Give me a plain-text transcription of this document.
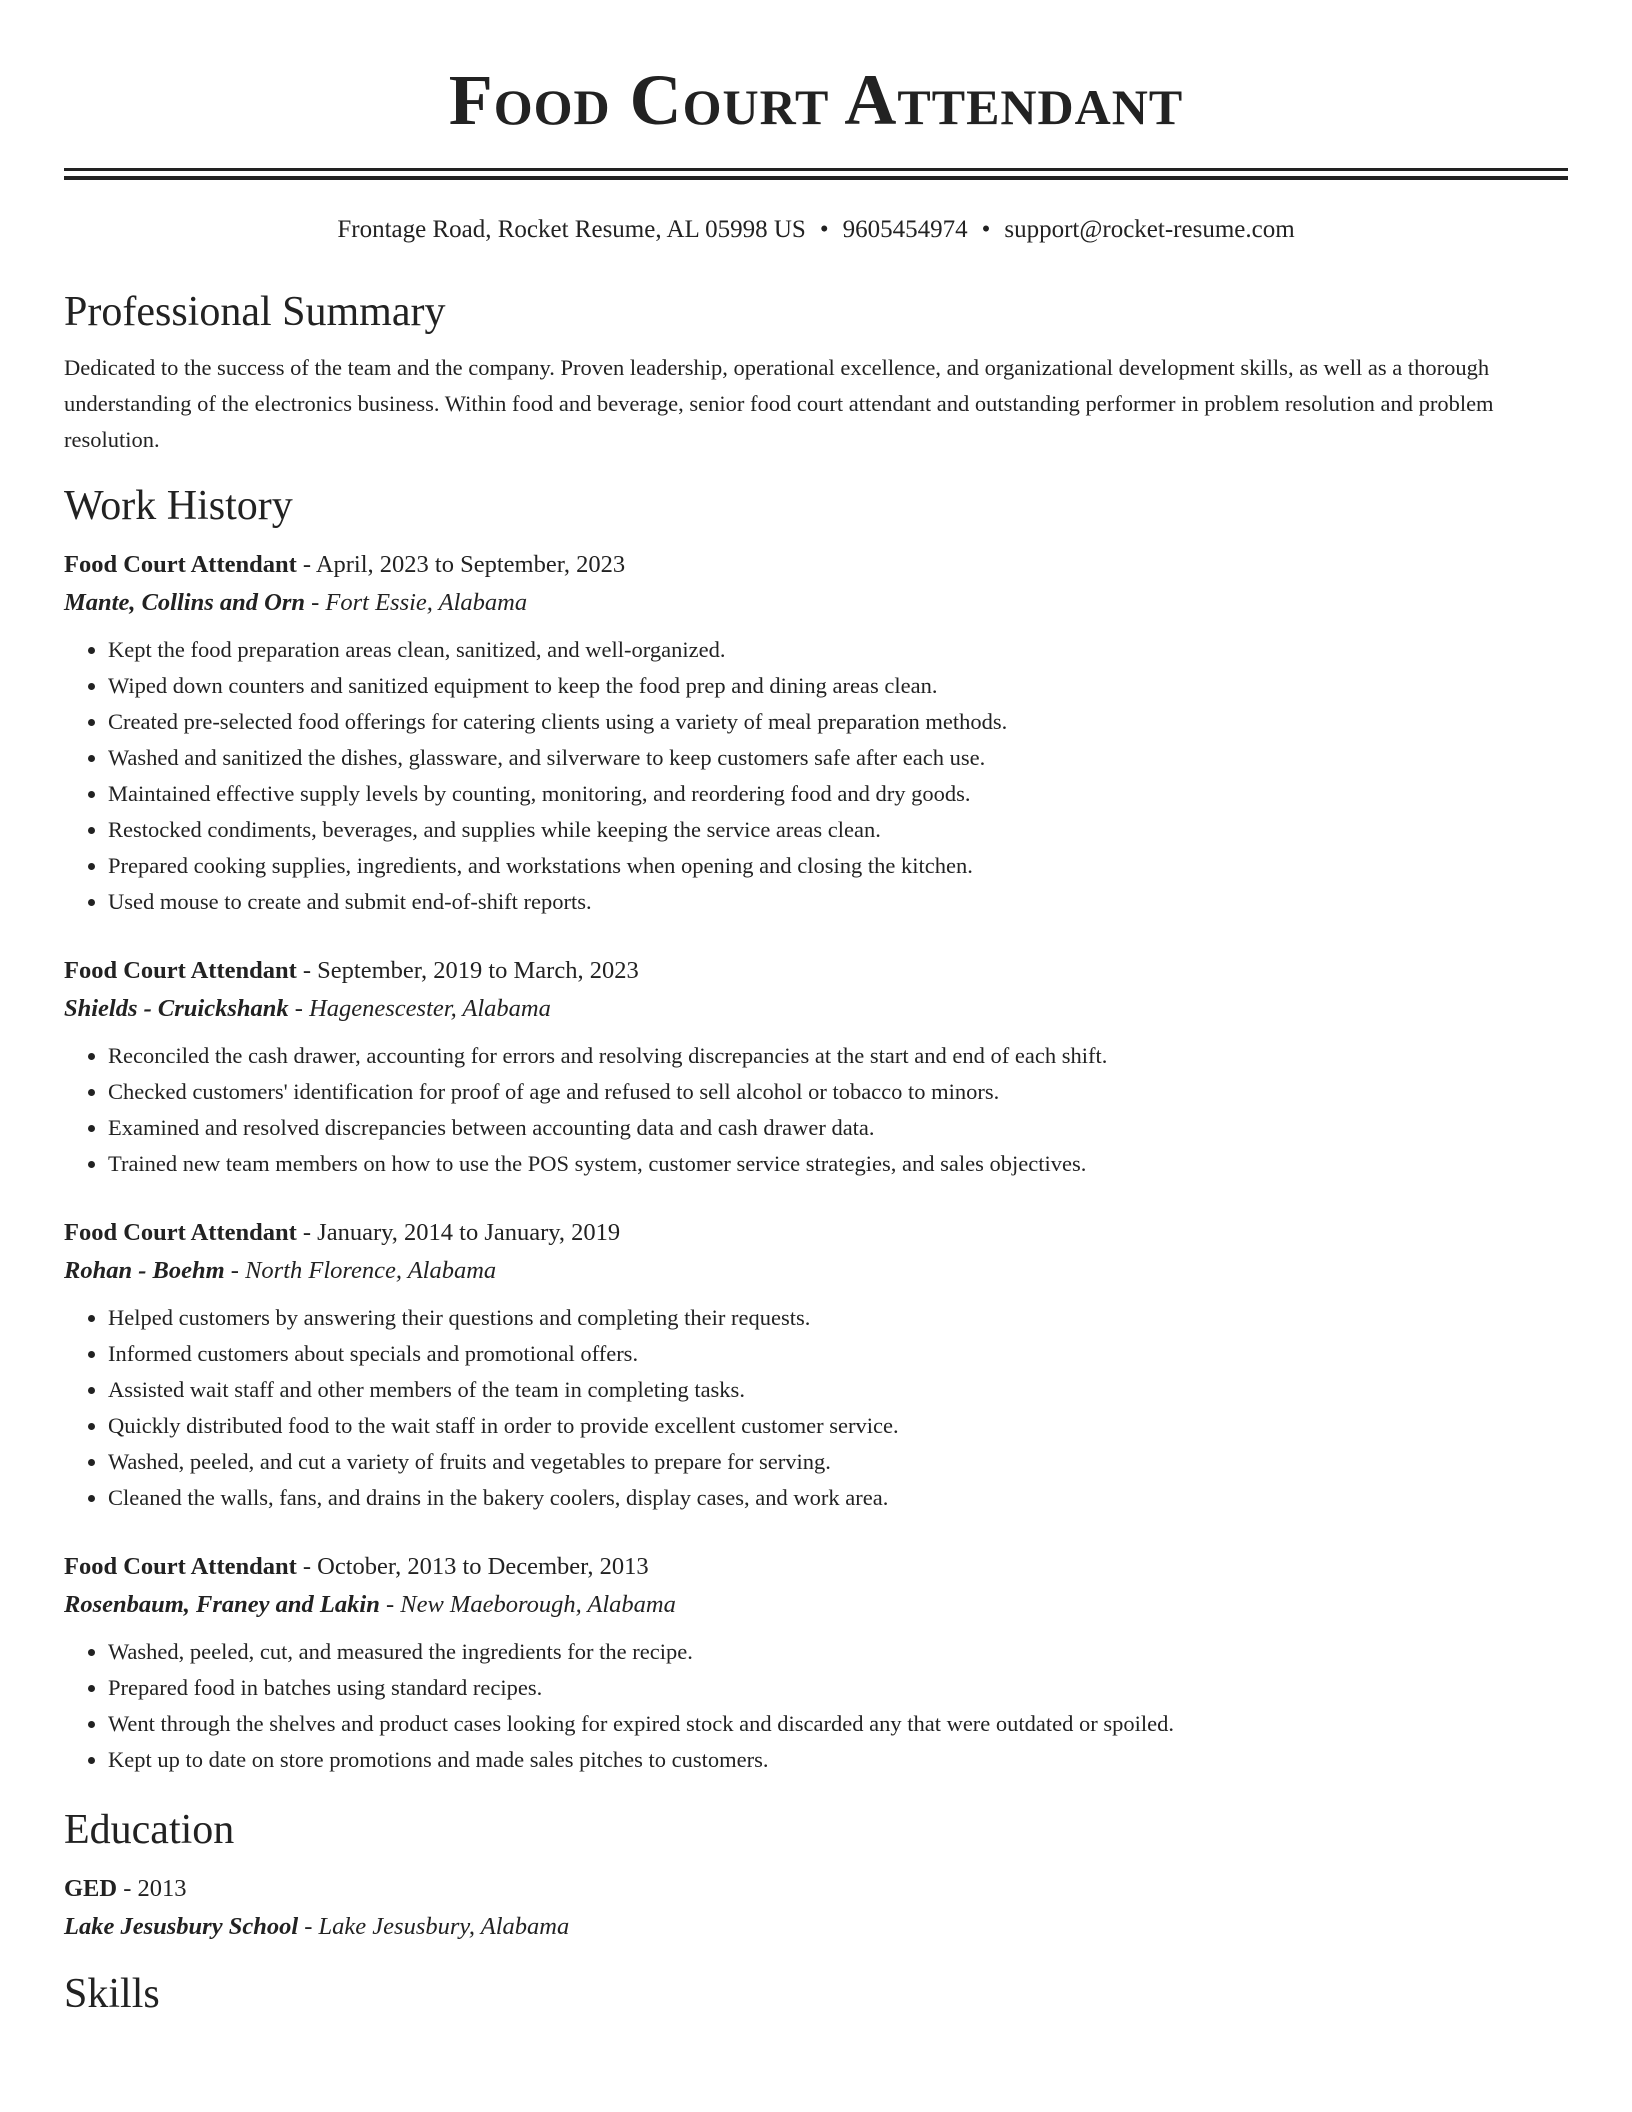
Food Court Attendant
Frontage Road, Rocket Resume, AL 05998 US • 9605454974 • support@rocket-resume.com
Professional Summary
Dedicated to the success of the team and the company. Proven leadership, operational excellence, and organizational development skills, as well as a thorough understanding of the electronics business. Within food and beverage, senior food court attendant and outstanding performer in problem resolution and problem resolution.
Work History
Food Court Attendant - April, 2023 to September, 2023
Mante, Collins and Orn - Fort Essie, Alabama
• Kept the food preparation areas clean, sanitized, and well-organized.
• Wiped down counters and sanitized equipment to keep the food prep and dining areas clean.
• Created pre-selected food offerings for catering clients using a variety of meal preparation methods.
• Washed and sanitized the dishes, glassware, and silverware to keep customers safe after each use.
• Maintained effective supply levels by counting, monitoring, and reordering food and dry goods.
• Restocked condiments, beverages, and supplies while keeping the service areas clean.
• Prepared cooking supplies, ingredients, and workstations when opening and closing the kitchen.
• Used mouse to create and submit end-of-shift reports.
Food Court Attendant - September, 2019 to March, 2023
Shields - Cruickshank - Hagenescester, Alabama
• Reconciled the cash drawer, accounting for errors and resolving discrepancies at the start and end of each shift.
• Checked customers' identification for proof of age and refused to sell alcohol or tobacco to minors.
• Examined and resolved discrepancies between accounting data and cash drawer data.
• Trained new team members on how to use the POS system, customer service strategies, and sales objectives.
Food Court Attendant - January, 2014 to January, 2019
Rohan - Boehm - North Florence, Alabama
• Helped customers by answering their questions and completing their requests.
• Informed customers about specials and promotional offers.
• Assisted wait staff and other members of the team in completing tasks.
• Quickly distributed food to the wait staff in order to provide excellent customer service.
• Washed, peeled, and cut a variety of fruits and vegetables to prepare for serving.
• Cleaned the walls, fans, and drains in the bakery coolers, display cases, and work area.
Food Court Attendant - October, 2013 to December, 2013
Rosenbaum, Franey and Lakin - New Maeborough, Alabama
• Washed, peeled, cut, and measured the ingredients for the recipe.
• Prepared food in batches using standard recipes.
• Went through the shelves and product cases looking for expired stock and discarded any that were outdated or spoiled.
• Kept up to date on store promotions and made sales pitches to customers.
Education
GED - 2013
Lake Jesusbury School - Lake Jesusbury, Alabama
Skills
